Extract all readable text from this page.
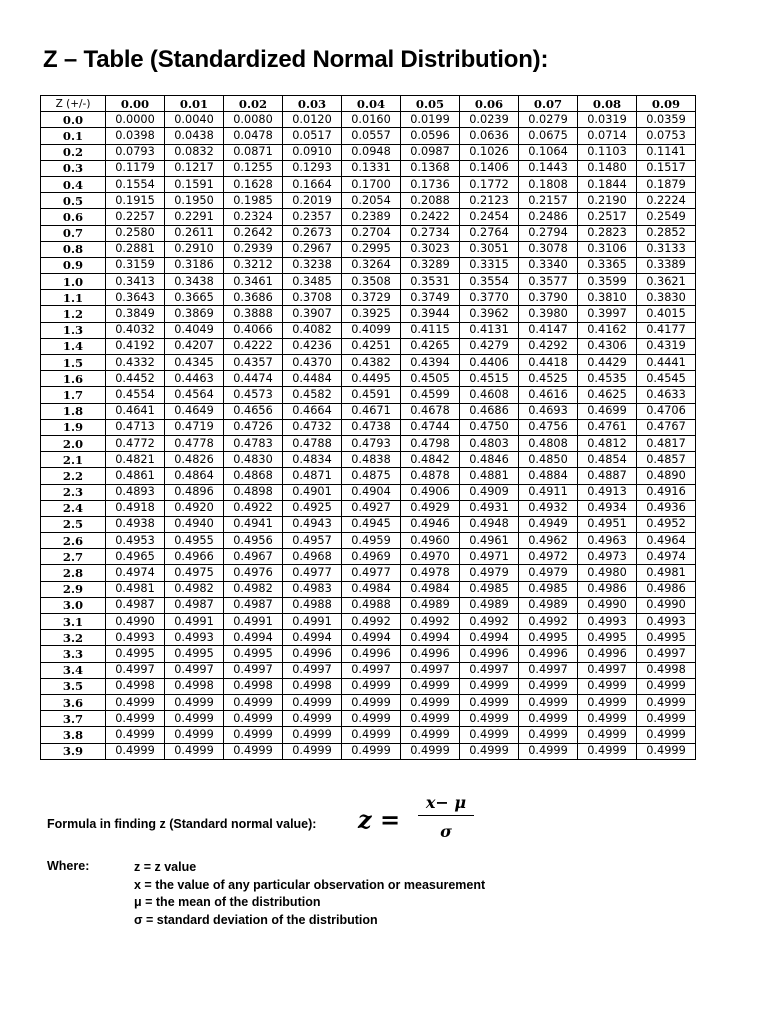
Z – Table (Standardized Normal Distribution):
Z (+/-)	0.00	0.01	0.02	0.03	0.04	0.05	0.06	0.07	0.08	0.09
0.0	0.0000	0.0040	0.0080	0.0120	0.0160	0.0199	0.0239	0.0279	0.0319	0.0359
0.1	0.0398	0.0438	0.0478	0.0517	0.0557	0.0596	0.0636	0.0675	0.0714	0.0753
0.2	0.0793	0.0832	0.0871	0.0910	0.0948	0.0987	0.1026	0.1064	0.1103	0.1141
0.3	0.1179	0.1217	0.1255	0.1293	0.1331	0.1368	0.1406	0.1443	0.1480	0.1517
0.4	0.1554	0.1591	0.1628	0.1664	0.1700	0.1736	0.1772	0.1808	0.1844	0.1879
0.5	0.1915	0.1950	0.1985	0.2019	0.2054	0.2088	0.2123	0.2157	0.2190	0.2224
0.6	0.2257	0.2291	0.2324	0.2357	0.2389	0.2422	0.2454	0.2486	0.2517	0.2549
0.7	0.2580	0.2611	0.2642	0.2673	0.2704	0.2734	0.2764	0.2794	0.2823	0.2852
0.8	0.2881	0.2910	0.2939	0.2967	0.2995	0.3023	0.3051	0.3078	0.3106	0.3133
0.9	0.3159	0.3186	0.3212	0.3238	0.3264	0.3289	0.3315	0.3340	0.3365	0.3389
1.0	0.3413	0.3438	0.3461	0.3485	0.3508	0.3531	0.3554	0.3577	0.3599	0.3621
1.1	0.3643	0.3665	0.3686	0.3708	0.3729	0.3749	0.3770	0.3790	0.3810	0.3830
1.2	0.3849	0.3869	0.3888	0.3907	0.3925	0.3944	0.3962	0.3980	0.3997	0.4015
1.3	0.4032	0.4049	0.4066	0.4082	0.4099	0.4115	0.4131	0.4147	0.4162	0.4177
1.4	0.4192	0.4207	0.4222	0.4236	0.4251	0.4265	0.4279	0.4292	0.4306	0.4319
1.5	0.4332	0.4345	0.4357	0.4370	0.4382	0.4394	0.4406	0.4418	0.4429	0.4441
1.6	0.4452	0.4463	0.4474	0.4484	0.4495	0.4505	0.4515	0.4525	0.4535	0.4545
1.7	0.4554	0.4564	0.4573	0.4582	0.4591	0.4599	0.4608	0.4616	0.4625	0.4633
1.8	0.4641	0.4649	0.4656	0.4664	0.4671	0.4678	0.4686	0.4693	0.4699	0.4706
1.9	0.4713	0.4719	0.4726	0.4732	0.4738	0.4744	0.4750	0.4756	0.4761	0.4767
2.0	0.4772	0.4778	0.4783	0.4788	0.4793	0.4798	0.4803	0.4808	0.4812	0.4817
2.1	0.4821	0.4826	0.4830	0.4834	0.4838	0.4842	0.4846	0.4850	0.4854	0.4857
2.2	0.4861	0.4864	0.4868	0.4871	0.4875	0.4878	0.4881	0.4884	0.4887	0.4890
2.3	0.4893	0.4896	0.4898	0.4901	0.4904	0.4906	0.4909	0.4911	0.4913	0.4916
2.4	0.4918	0.4920	0.4922	0.4925	0.4927	0.4929	0.4931	0.4932	0.4934	0.4936
2.5	0.4938	0.4940	0.4941	0.4943	0.4945	0.4946	0.4948	0.4949	0.4951	0.4952
2.6	0.4953	0.4955	0.4956	0.4957	0.4959	0.4960	0.4961	0.4962	0.4963	0.4964
2.7	0.4965	0.4966	0.4967	0.4968	0.4969	0.4970	0.4971	0.4972	0.4973	0.4974
2.8	0.4974	0.4975	0.4976	0.4977	0.4977	0.4978	0.4979	0.4979	0.4980	0.4981
2.9	0.4981	0.4982	0.4982	0.4983	0.4984	0.4984	0.4985	0.4985	0.4986	0.4986
3.0	0.4987	0.4987	0.4987	0.4988	0.4988	0.4989	0.4989	0.4989	0.4990	0.4990
3.1	0.4990	0.4991	0.4991	0.4991	0.4992	0.4992	0.4992	0.4992	0.4993	0.4993
3.2	0.4993	0.4993	0.4994	0.4994	0.4994	0.4994	0.4994	0.4995	0.4995	0.4995
3.3	0.4995	0.4995	0.4995	0.4996	0.4996	0.4996	0.4996	0.4996	0.4996	0.4997
3.4	0.4997	0.4997	0.4997	0.4997	0.4997	0.4997	0.4997	0.4997	0.4997	0.4998
3.5	0.4998	0.4998	0.4998	0.4998	0.4999	0.4999	0.4999	0.4999	0.4999	0.4999
3.6	0.4999	0.4999	0.4999	0.4999	0.4999	0.4999	0.4999	0.4999	0.4999	0.4999
3.7	0.4999	0.4999	0.4999	0.4999	0.4999	0.4999	0.4999	0.4999	0.4999	0.4999
3.8	0.4999	0.4999	0.4999	0.4999	0.4999	0.4999	0.4999	0.4999	0.4999	0.4999
3.9	0.4999	0.4999	0.4999	0.4999	0.4999	0.4999	0.4999	0.4999	0.4999	0.4999
Formula in finding z (Standard normal value): z =
x− μ
σ
Where:	z = z value
x = the value of any particular observation or measurement
μ = the mean of the distribution
σ = standard deviation of the distribution
